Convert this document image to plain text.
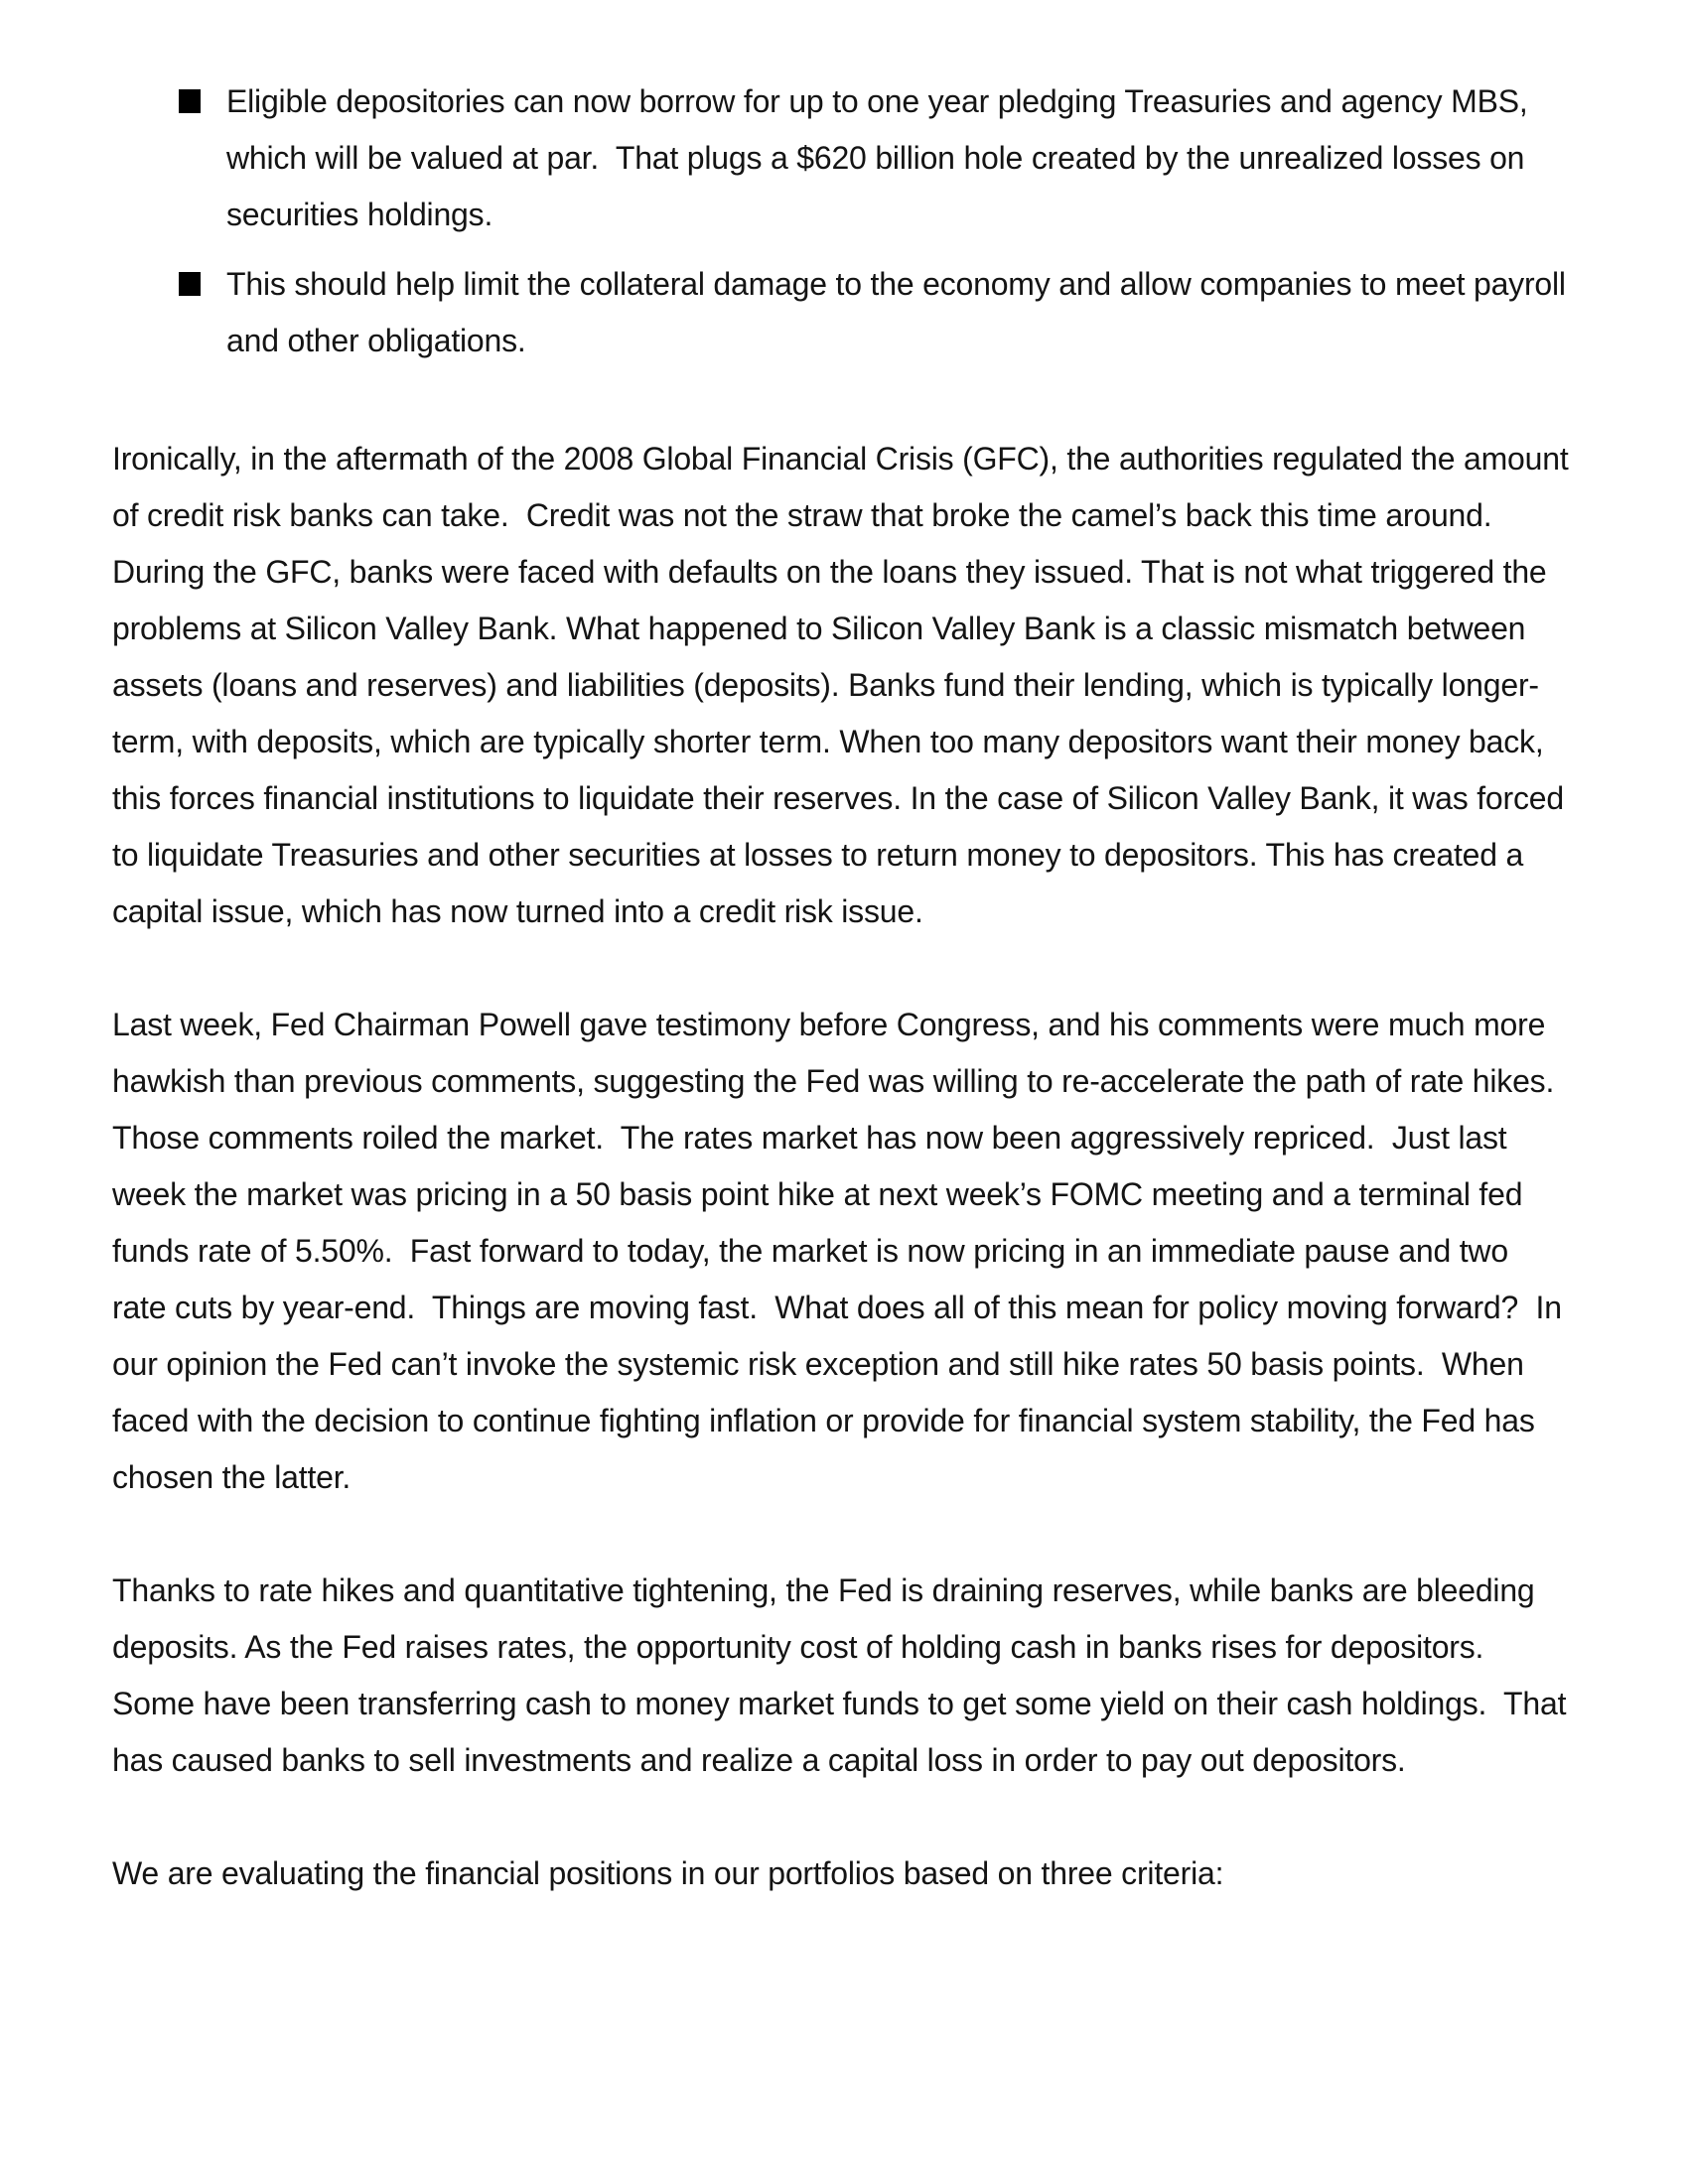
Eligible depositories can now borrow for up to one year pledging Treasuries and agency MBS, which will be valued at par.  That plugs a $620 billion hole created by the unrealized losses on securities holdings.
This should help limit the collateral damage to the economy and allow companies to meet payroll and other obligations.

Ironically, in the aftermath of the 2008 Global Financial Crisis (GFC), the authorities regulated the amount of credit risk banks can take.  Credit was not the straw that broke the camel’s back this time around. During the GFC, banks were faced with defaults on the loans they issued. That is not what triggered the problems at Silicon Valley Bank. What happened to Silicon Valley Bank is a classic mismatch between assets (loans and reserves) and liabilities (deposits). Banks fund their lending, which is typically longer-term, with deposits, which are typically shorter term. When too many depositors want their money back, this forces financial institutions to liquidate their reserves. In the case of Silicon Valley Bank, it was forced to liquidate Treasuries and other securities at losses to return money to depositors. This has created a capital issue, which has now turned into a credit risk issue.

Last week, Fed Chairman Powell gave testimony before Congress, and his comments were much more hawkish than previous comments, suggesting the Fed was willing to re-accelerate the path of rate hikes.  Those comments roiled the market.  The rates market has now been aggressively repriced.  Just last week the market was pricing in a 50 basis point hike at next week’s FOMC meeting and a terminal fed funds rate of 5.50%.  Fast forward to today, the market is now pricing in an immediate pause and two rate cuts by year-end.  Things are moving fast.  What does all of this mean for policy moving forward?  In our opinion the Fed can’t invoke the systemic risk exception and still hike rates 50 basis points.  When faced with the decision to continue fighting inflation or provide for financial system stability, the Fed has chosen the latter.

Thanks to rate hikes and quantitative tightening, the Fed is draining reserves, while banks are bleeding deposits. As the Fed raises rates, the opportunity cost of holding cash in banks rises for depositors.  Some have been transferring cash to money market funds to get some yield on their cash holdings.  That has caused banks to sell investments and realize a capital loss in order to pay out depositors.

We are evaluating the financial positions in our portfolios based on three criteria:
